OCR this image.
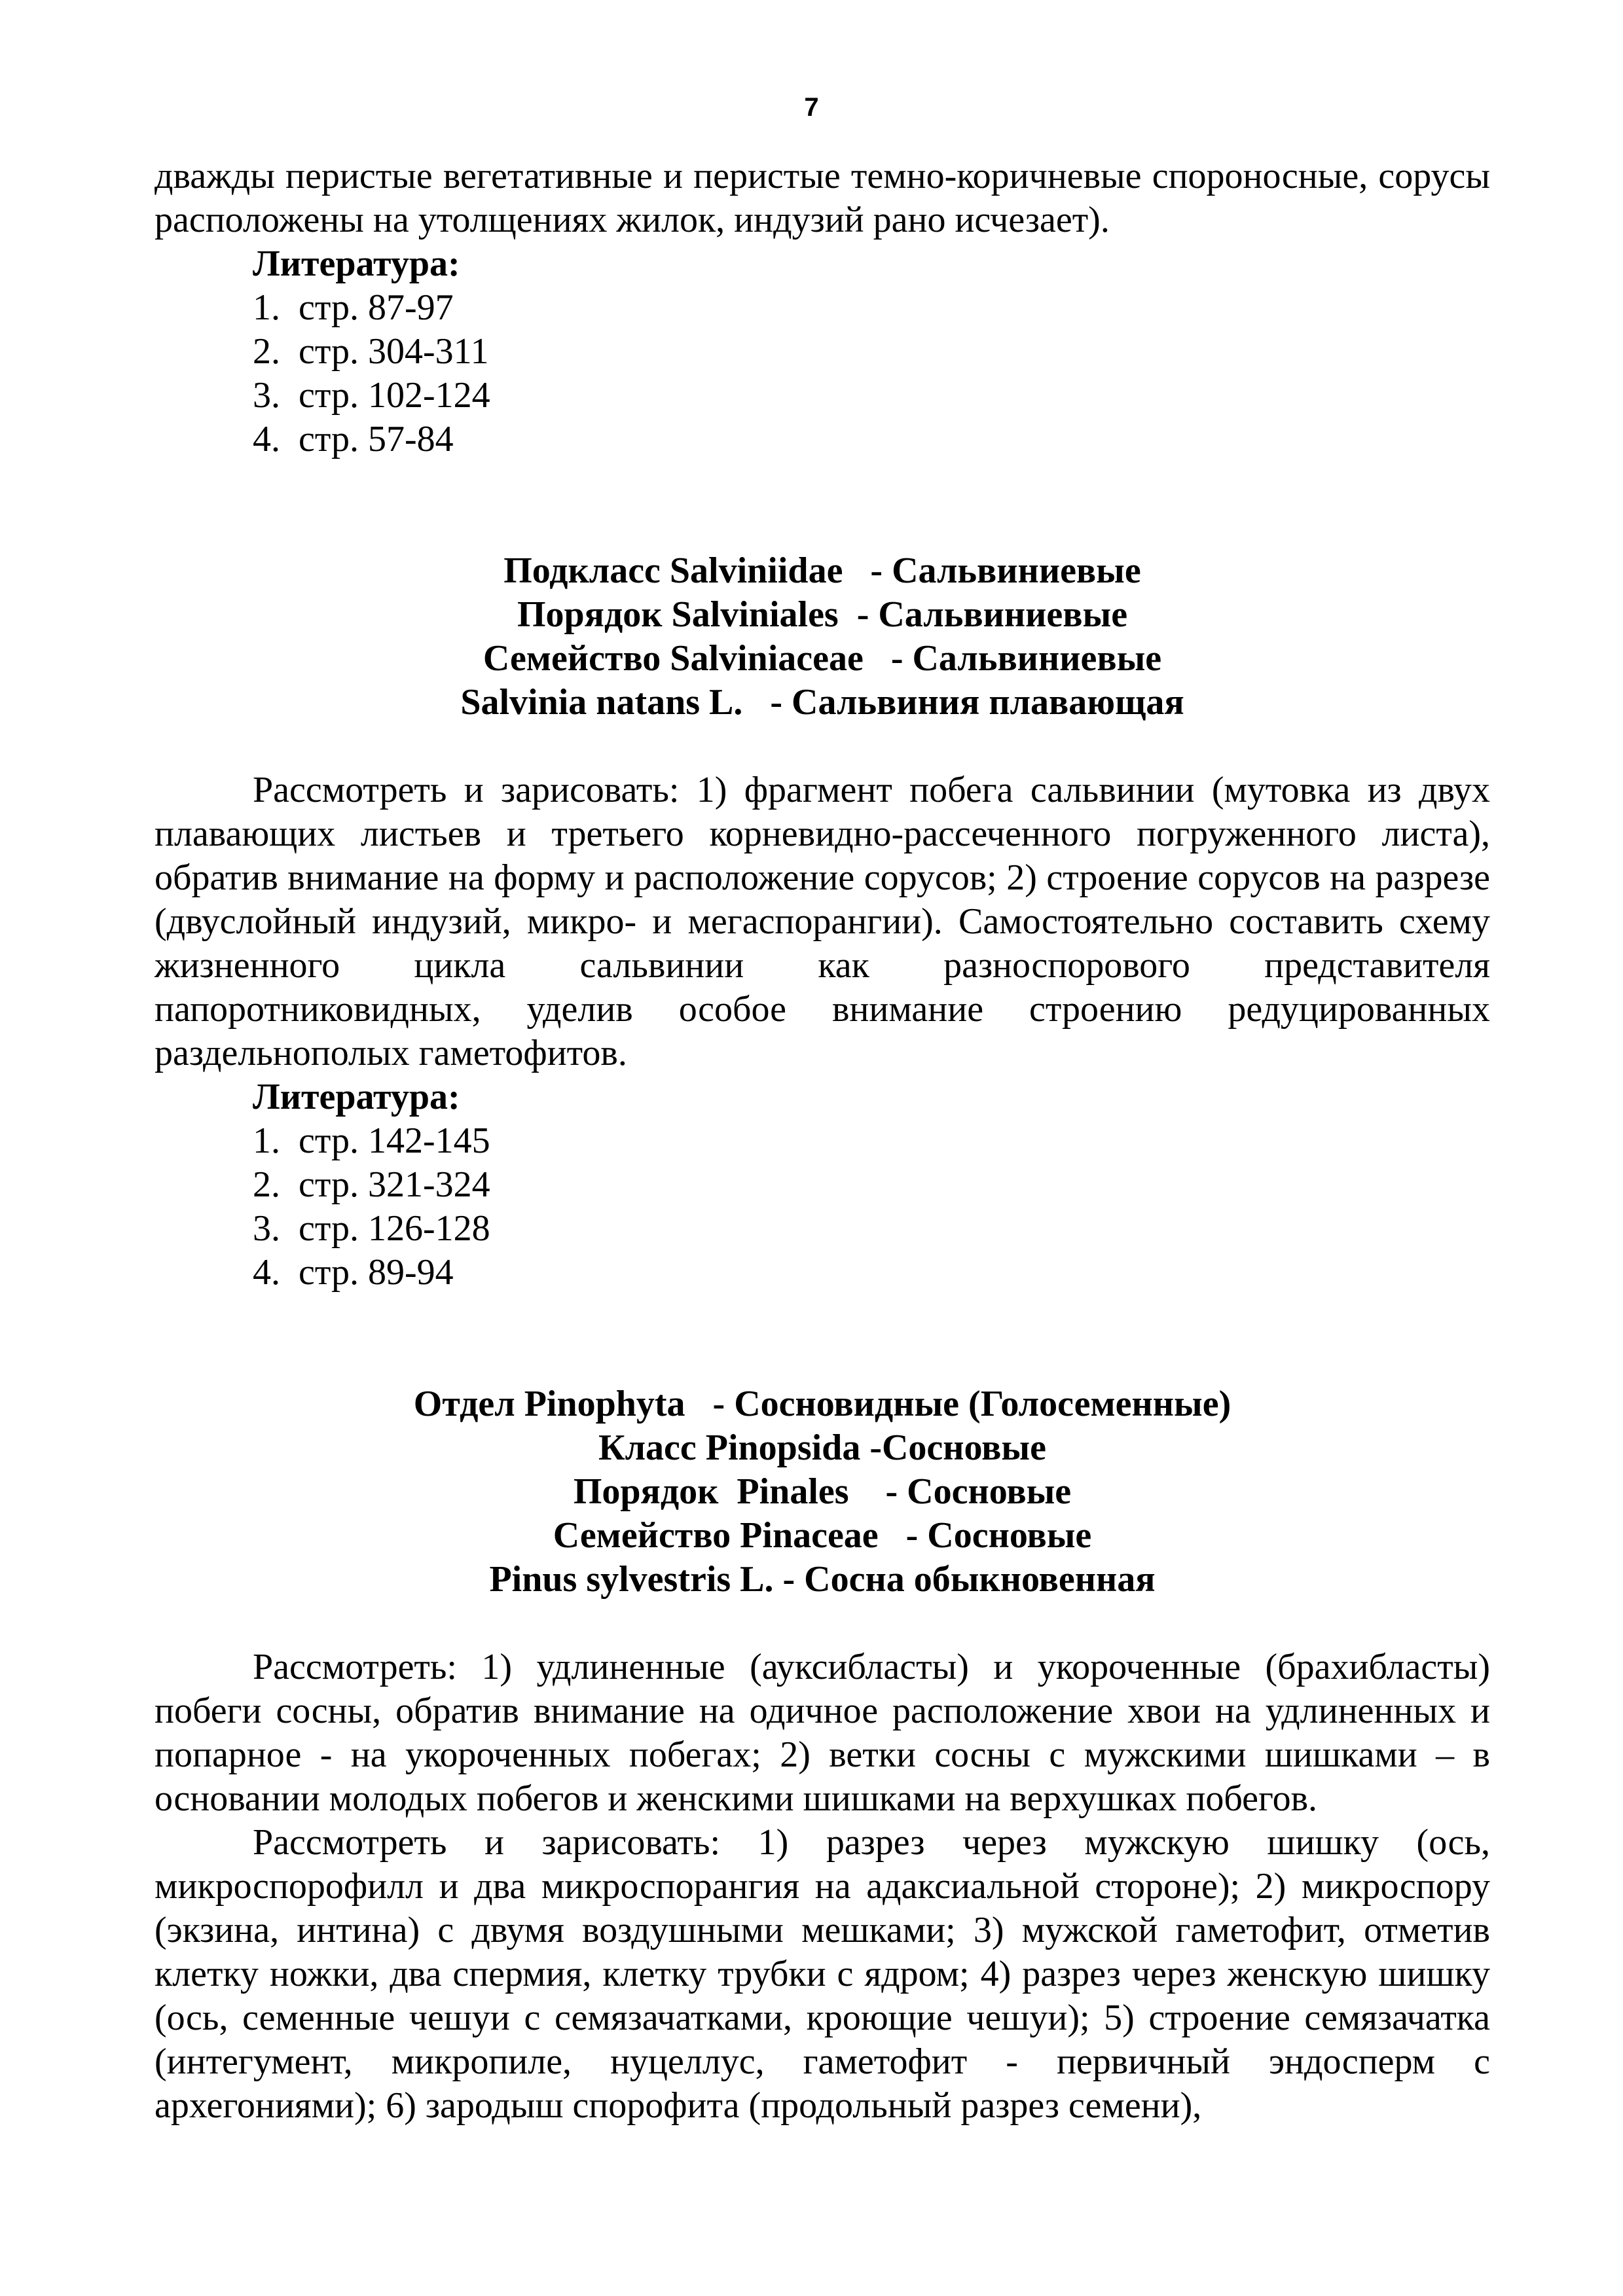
7

дважды перистые вегетативные и перистые темно-коричневые спороносные, сорусы расположены на утолщениях жилок, индузий рано исчезает).

Литература:

1. стр. 87-97
2. стр. 304-311
3. стр. 102-124
4. стр. 57-84

Подкласс Salviniidae   - Сальвиниевые

Порядок Salviniales  - Сальвиниевые

Семейство Salviniaceae   - Сальвиниевые

Salvinia natans L.   - Сальвиния плавающая

Рассмотреть и зарисовать: 1) фрагмент побега сальвинии (мутовка из двух плавающих листьев и третьего корневидно-рассеченного погруженного листа), обратив внимание на форму и расположение сорусов; 2) строение сорусов на разрезе (двуслойный индузий, микро- и мегаспорангии). Самостоятельно составить схему жизненного цикла сальвинии как разноспорового представителя папоротниковидных, уделив особое внимание строению редуцированных раздельнополых гаметофитов.

Литература:

1. стр. 142-145
2. стр. 321-324
3. стр. 126-128
4. стр. 89-94

Отдел Pinophyta   - Сосновидные (Голосеменные)

Класс Pinopsida -Сосновые

Порядок  Pinales    - Сосновые

Семейство Pinaceae   - Сосновые

Pinus sylvestris L. - Сосна обыкновенная

Рассмотреть: 1) удлиненные (ауксибласты) и укороченные (брахибласты) побеги сосны, обратив внимание на одичное расположение хвои на удлиненных и попарное - на укороченных побегах; 2) ветки сосны с мужскими шишками – в основании молодых побегов и женскими шишками на верхушках побегов.

Рассмотреть и зарисовать: 1) разрез через мужскую шишку (ось, микроспорофилл и два микроспорангия на адаксиальной стороне); 2) микроспору (экзина, интина) с двумя воздушными мешками; 3) мужской гаметофит, отметив клетку ножки, два спермия, клетку трубки с ядром; 4) разрез через женскую шишку (ось, семенные чешуи с семязачатками, кроющие чешуи); 5) строение семязачатка (интегумент, микропиле, нуцеллус, гаметофит - первичный эндосперм с архегониями); 6) зародыш спорофита (продольный разрез семени),
